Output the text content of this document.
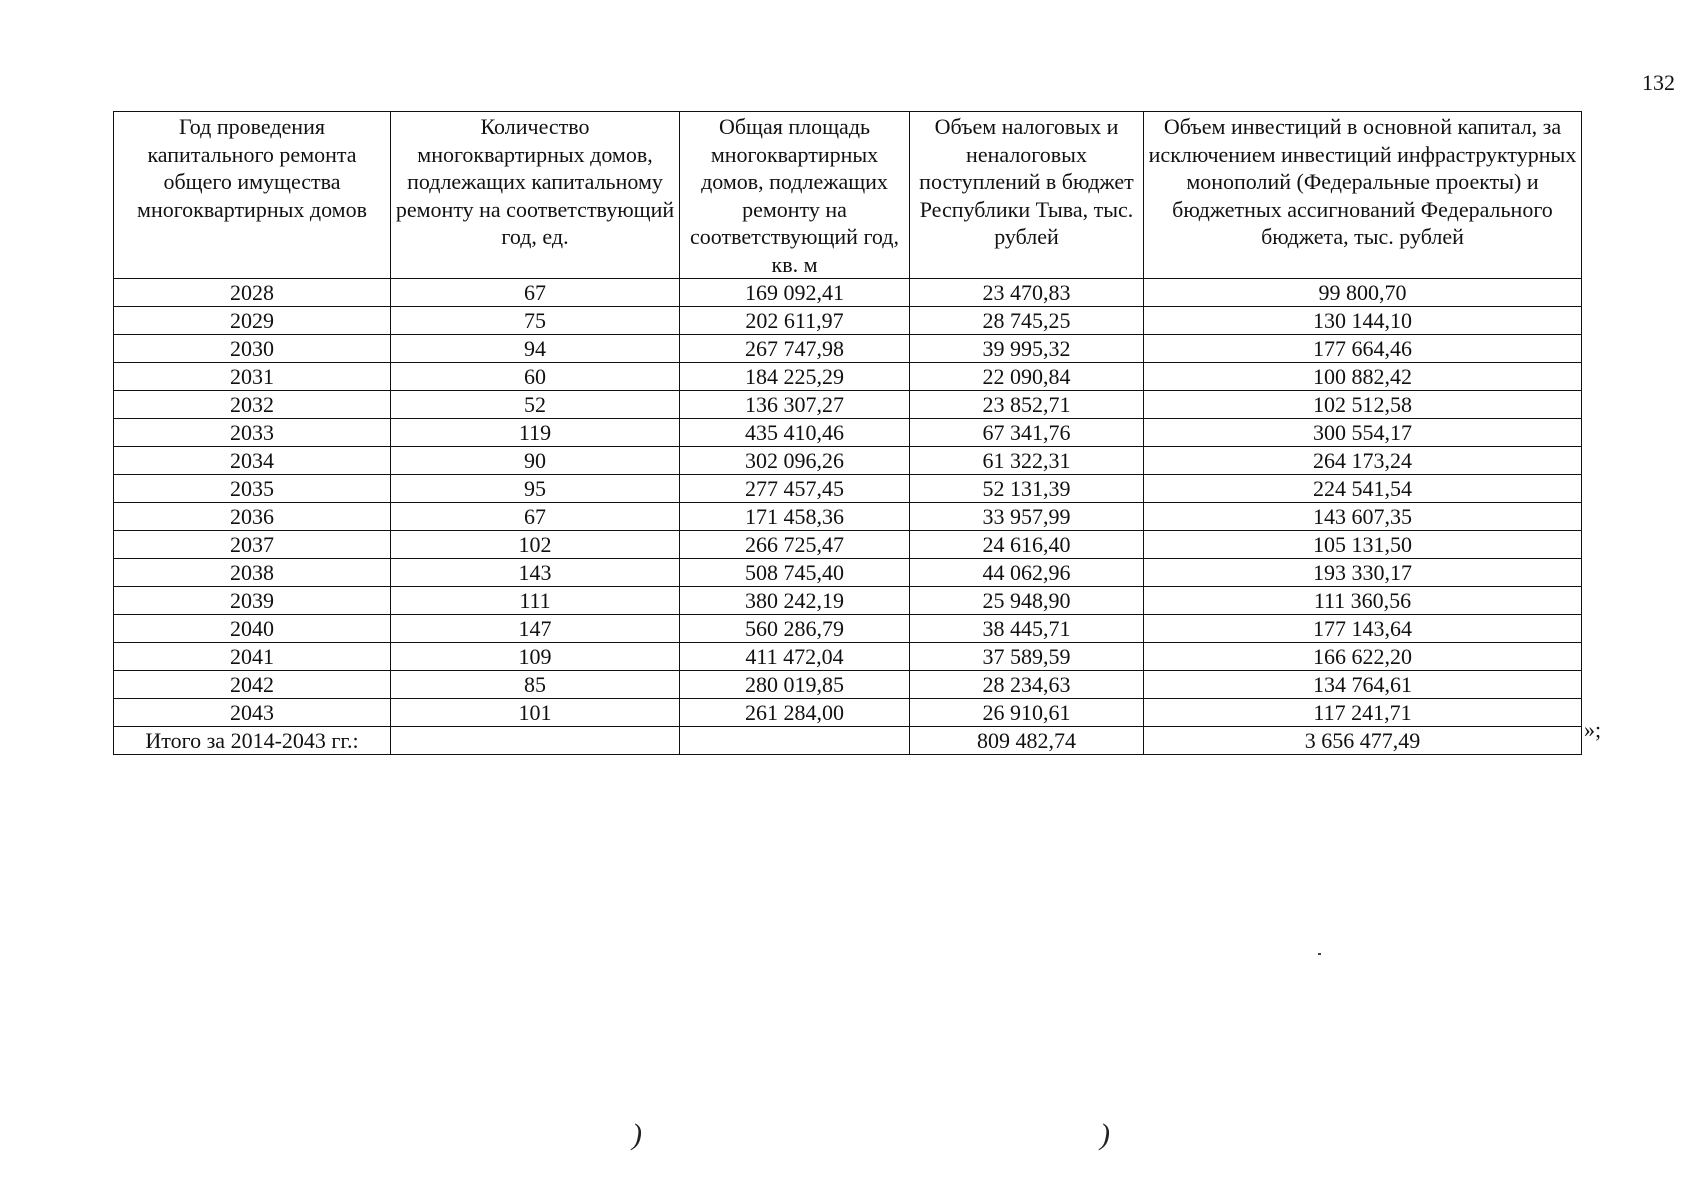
132
Год проведения капитального ремонта общего имущества многоквартирных домов	Количество многоквартирных домов, подлежащих капитальному ремонту на соответствующий год, ед.	Общая площадь многоквартирных домов, подлежащих ремонту на соответствующий год, кв. м	Объем налоговых и неналоговых поступлений в бюджет Республики Тыва, тыс. рублей	Объем инвестиций в основной капитал, за исключением инвестиций инфраструктурных монополий (Федеральные проекты) и бюджетных ассигнований Федерального бюджета, тыс. рублей
2028	67	169 092,41	23 470,83	99 800,70
2029	75	202 611,97	28 745,25	130 144,10
2030	94	267 747,98	39 995,32	177 664,46
2031	60	184 225,29	22 090,84	100 882,42
2032	52	136 307,27	23 852,71	102 512,58
2033	119	435 410,46	67 341,76	300 554,17
2034	90	302 096,26	61 322,31	264 173,24
2035	95	277 457,45	52 131,39	224 541,54
2036	67	171 458,36	33 957,99	143 607,35
2037	102	266 725,47	24 616,40	105 131,50
2038	143	508 745,40	44 062,96	193 330,17
2039	111	380 242,19	25 948,90	111 360,56
2040	147	560 286,79	38 445,71	177 143,64
2041	109	411 472,04	37 589,59	166 622,20
2042	85	280 019,85	28 234,63	134 764,61
2043	101	261 284,00	26 910,61	117 241,71
Итого за 2014-2043 гг.:			809 482,74	3 656 477,49	»;
)	)
